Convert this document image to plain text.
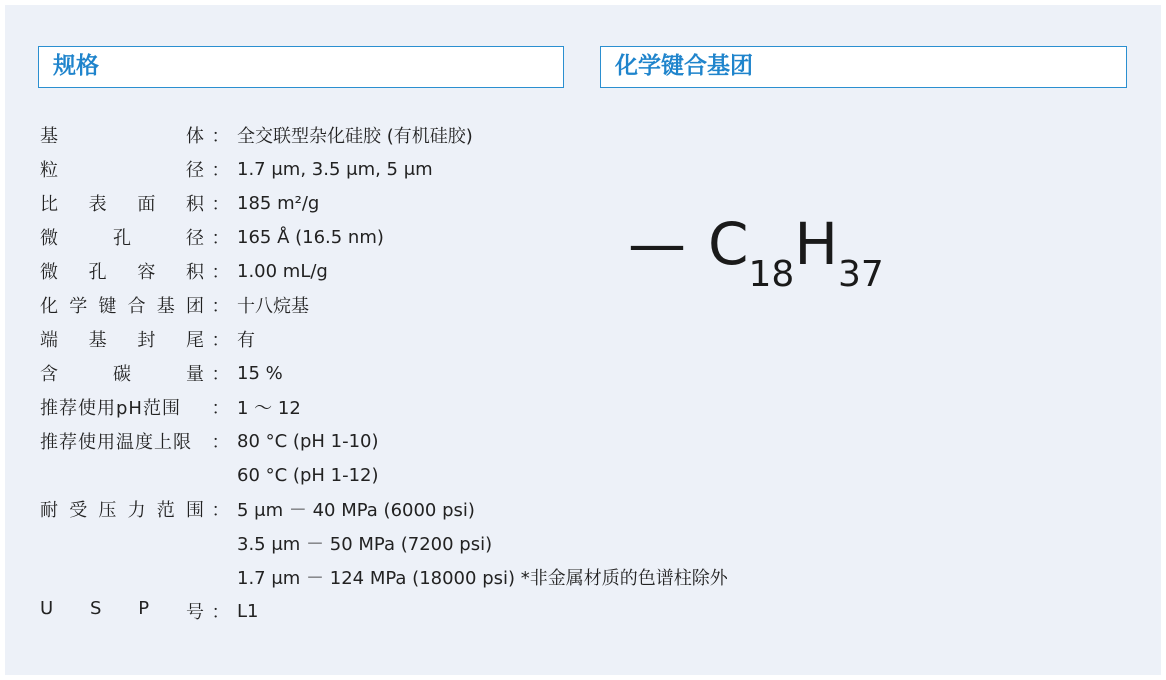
规格	化学键合基团
基	体 ： 全交联型杂化硅胶 (有机硅胶)
粒	径 ： 1.7 μm, 3.5 μm, 5 μm
比 表 面 积 ： 185 m²/g
微	孔	径 ： 165 Å (16.5 nm)
微 孔 容 积 ： 1.00 mL/g
化 学 键 合 基 团 ： 十八烷基
端 基 封 尾 ： 有
含	碳	量 ： 15 %
推荐使用pH范围	： 1 ～ 12
推荐使用温度上限	： 80 °C (pH 1-10)
60 °C (pH 1-12)
耐 受 压 力 范 围 ： 5 μm － 40 MPa (6000 psi)
3.5 μm － 50 MPa (7200 psi)
1.7 μm － 124 MPa (18000 psi) *非金属材质的色谱柱除外
U S P 号 ： L1
— $C_{18}H_{37}$
